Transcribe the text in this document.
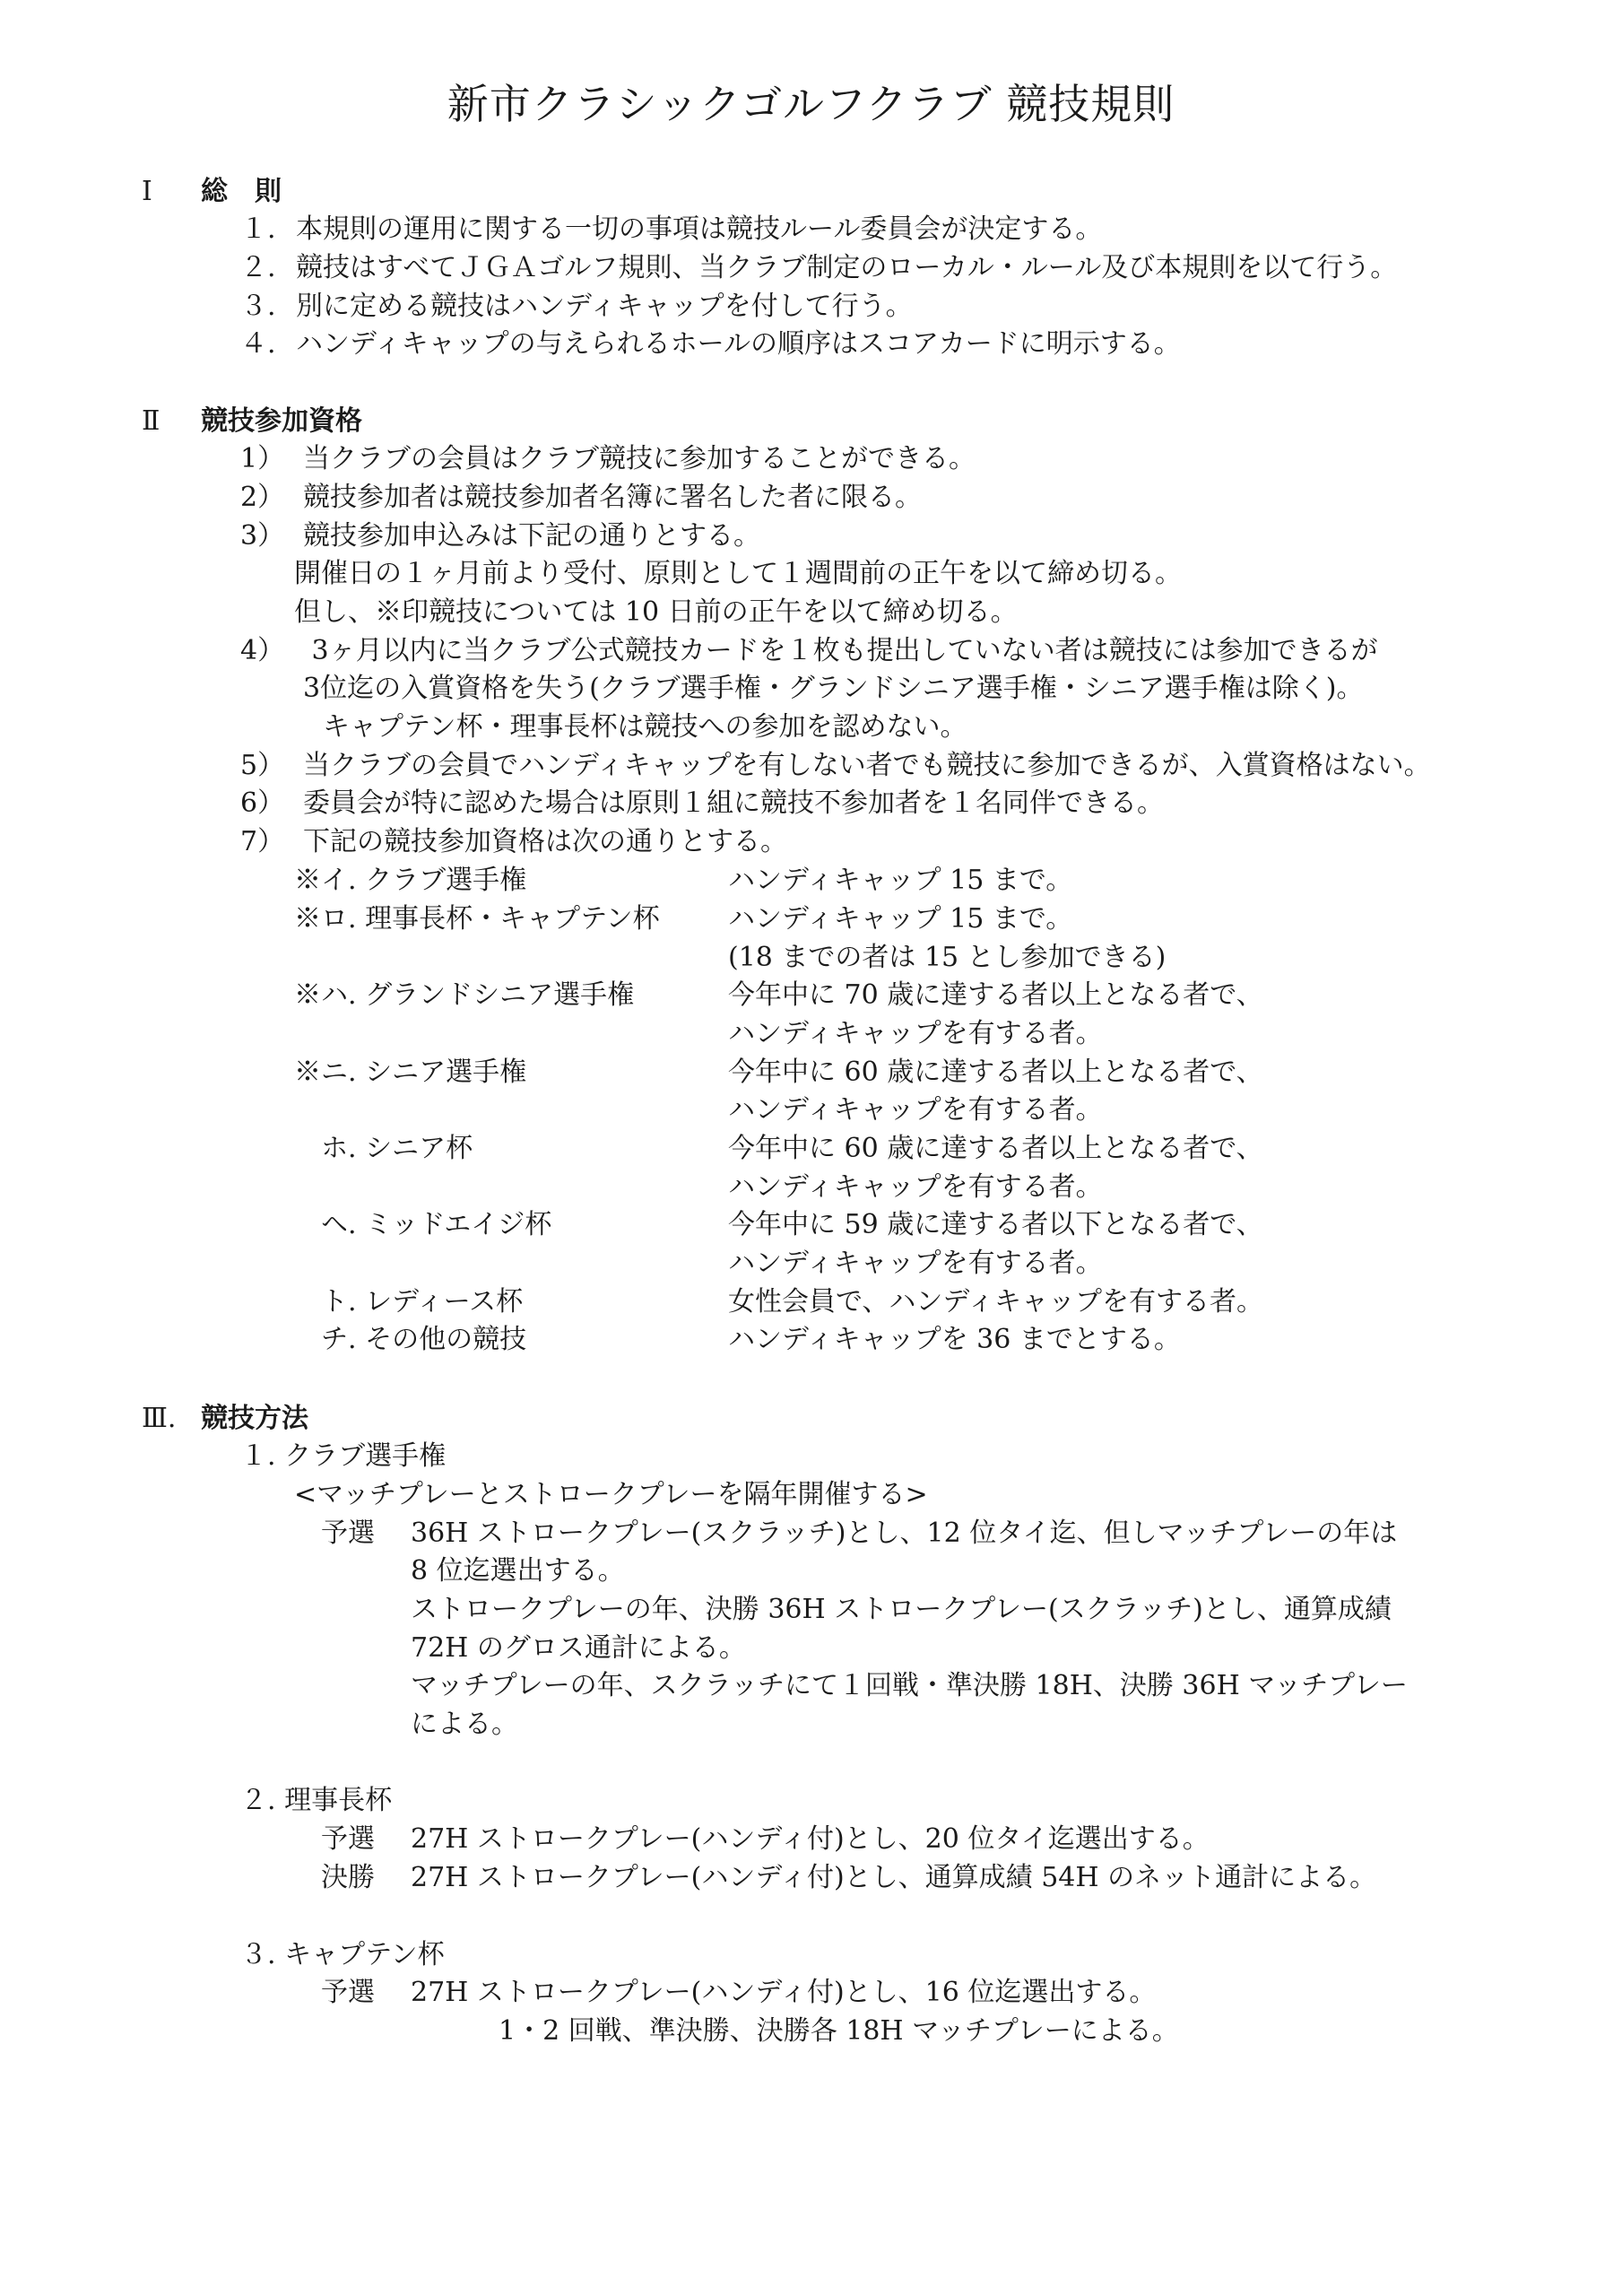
新市クラシックゴルフクラブ 競技規則
Ⅰ 総　則
１. 本規則の運用に関する一切の事項は競技ルール委員会が決定する。
２. 競技はすべてＪＧＡゴルフ規則、当クラブ制定のローカル・ルール及び本規則を以て行う。
３. 別に定める競技はハンディキャップを付して行う。
４. ハンディキャップの与えられるホールの順序はスコアカードに明示する。
Ⅱ 競技参加資格
1） 当クラブの会員はクラブ競技に参加することができる。
2） 競技参加者は競技参加者名簿に署名した者に限る。
3） 競技参加申込みは下記の通りとする。
開催日の１ヶ月前より受付、原則として１週間前の正午を以て締め切る。
但し、※印競技については 10 日前の正午を以て締め切る。
4） 3ヶ月以内に当クラブ公式競技カードを１枚も提出していない者は競技には参加できるが
3位迄の入賞資格を失う(クラブ選手権・グランドシニア選手権・シニア選手権は除く)。
キャプテン杯・理事長杯は競技への参加を認めない。
5） 当クラブの会員でハンディキャップを有しない者でも競技に参加できるが、入賞資格はない。
6） 委員会が特に認めた場合は原則１組に競技不参加者を１名同伴できる。
7） 下記の競技参加資格は次の通りとする。
※イ. クラブ選手権	ハンディキャップ 15 まで。
※ロ. 理事長杯・キャプテン杯	ハンディキャップ 15 まで。
(18 までの者は 15 とし参加できる)
※ハ. グランドシニア選手権	今年中に 70 歳に達する者以上となる者で、
ハンディキャップを有する者。
※ニ. シニア選手権	今年中に 60 歳に達する者以上となる者で、
ハンディキャップを有する者。
ホ. シニア杯	今年中に 60 歳に達する者以上となる者で、
ハンディキャップを有する者。
ヘ. ミッドエイジ杯	今年中に 59 歳に達する者以下となる者で、
ハンディキャップを有する者。
ト. レディース杯	女性会員で、ハンディキャップを有する者。
チ. その他の競技	ハンディキャップを 36 までとする。
Ⅲ. 競技方法
１. クラブ選手権
<マッチプレーとストロークプレーを隔年開催する>
予選 36H ストロークプレー(スクラッチ)とし、12 位タイ迄、但しマッチプレーの年は
8 位迄選出する。
ストロークプレーの年、決勝 36H ストロークプレー(スクラッチ)とし、通算成績
72H のグロス通計による。
マッチプレーの年、スクラッチにて１回戦・準決勝 18H、決勝 36H マッチプレー
による。
２. 理事長杯
予選 27H ストロークプレー(ハンディ付)とし、20 位タイ迄選出する。
決勝 27H ストロークプレー(ハンディ付)とし、通算成績 54H のネット通計による。
３. キャプテン杯
予選 27H ストロークプレー(ハンディ付)とし、16 位迄選出する。
1・2 回戦、準決勝、決勝各 18H マッチプレーによる。
